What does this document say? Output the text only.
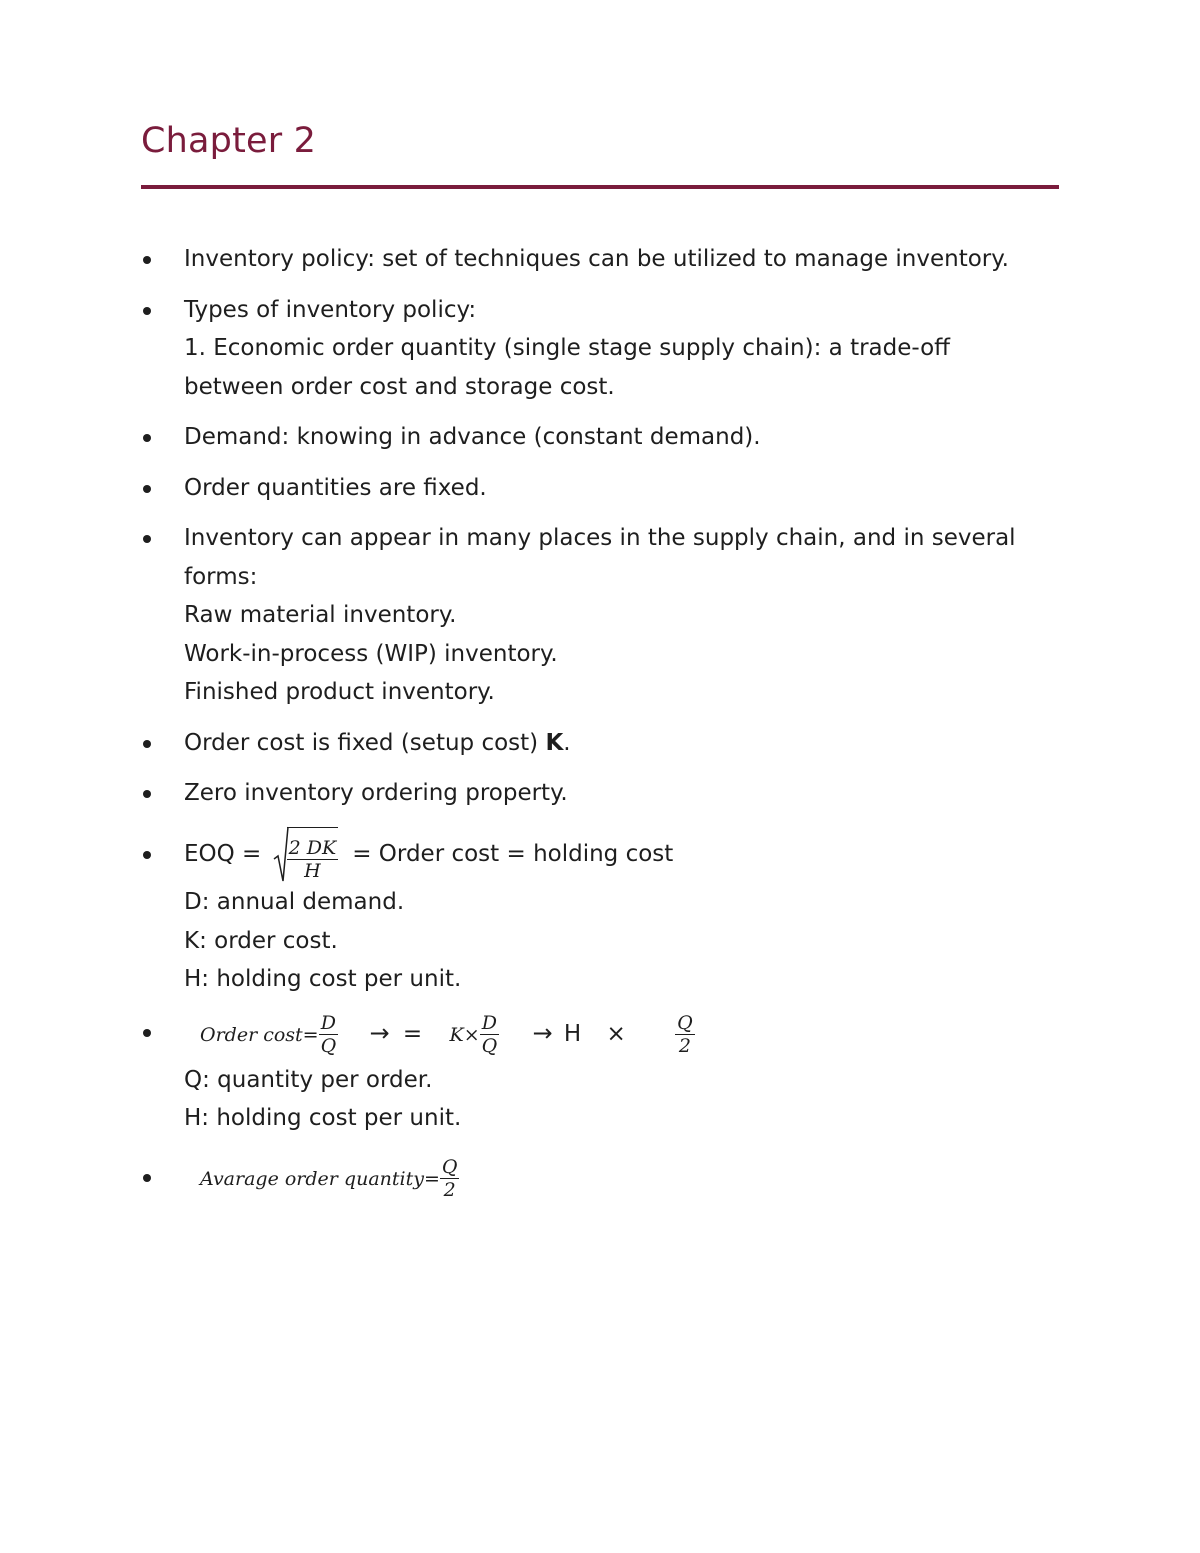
Chapter 2
Inventory policy: set of techniques can be utilized to manage inventory.
Types of inventory policy:
1. Economic order quantity (single stage supply chain): a trade-off
between order cost and storage cost.
Demand: knowing in advance (constant demand).
Order quantities are fixed.
Inventory can appear in many places in the supply chain, and in several
forms:
Raw material inventory.
Work-in-process (WIP) inventory.
Finished product inventory.
Order cost is fixed (setup cost) K.
Zero inventory ordering property.
EOQ = $\frac{2 DK}{H}$ = Order cost = holding cost
D: annual demand.
K: order cost.
H: holding cost per unit.
Order $\cos t= \frac{D}{Q}$ → = $K\times \frac{D}{Q} \to H$ ×	$\frac{Q}{2}$
Q: quantity per order.
H: holding cost per unit.
Avarage order quantity= $\frac{Q}{2}$
